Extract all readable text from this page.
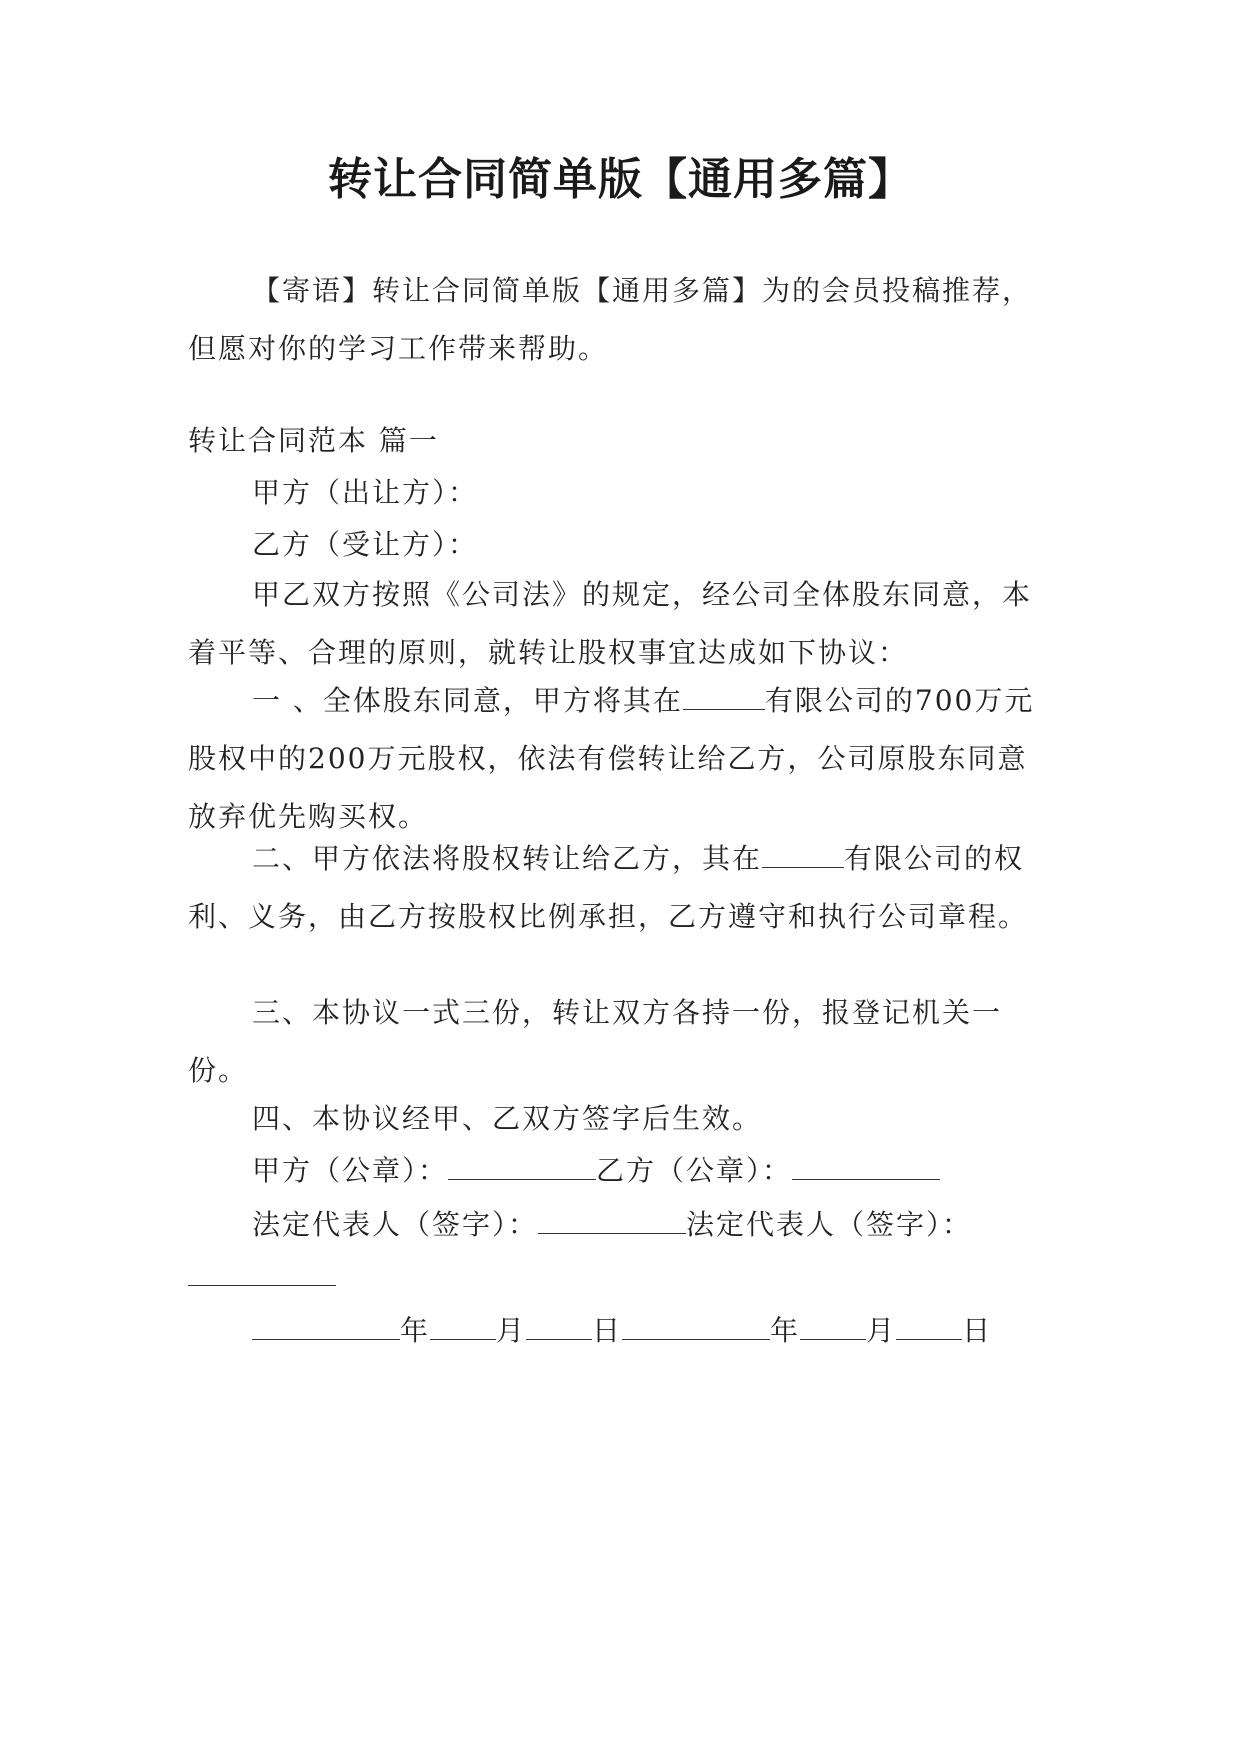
转让合同简单版【通用多篇】
【寄语】转让合同简单版【通用多篇】为的会员投稿推荐，但愿对你的学习工作带来帮助。
转让合同范本 篇一
甲方（出让方）：
乙方（受让方）：
甲乙双方按照《公司法》的规定，经公司全体股东同意，本着平等、合理的原则，就转让股权事宜达成如下协议：
一 、全体股东同意，甲方将其在	有限公司的700万元股权中的200万元股权，依法有偿转让给乙方，公司原股东同意放弃优先购买权。
二、甲方依法将股权转让给乙方，其在	有限公司的权利、义务，由乙方按股权比例承担，乙方遵守和执行公司章程。
三、本协议一式三份，转让双方各持一份，报登记机关一份。
四、本协议经甲、乙双方签字后生效。
甲方（公章）：	乙方（公章）：
法定代表人（签字）：	法定代表人（签字）：
年 月 日	年 月 日
